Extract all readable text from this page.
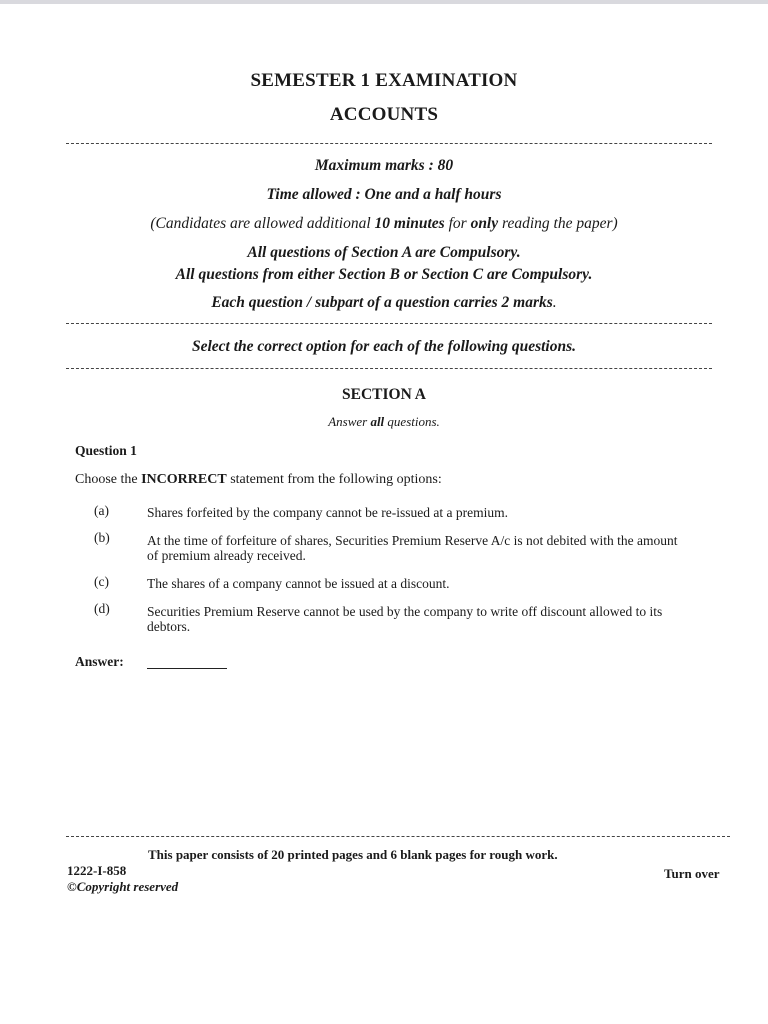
SEMESTER 1 EXAMINATION
ACCOUNTS
Maximum marks : 80
Time allowed : One and a half hours
(Candidates are allowed additional 10 minutes for only reading the paper)
All questions of Section A are Compulsory.
All questions from either Section B or Section C are Compulsory.
Each question / subpart of a question carries 2 marks.
Select the correct option for each of the following questions.
SECTION A
Answer all questions.
Question 1
Choose the INCORRECT statement from the following options:
(a)	Shares forfeited by the company cannot be re-issued at a premium.
(b)	At the time of forfeiture of shares, Securities Premium Reserve A/c is not debited with the amount of premium already received.
(c)	The shares of a company cannot be issued at a discount.
(d)	Securities Premium Reserve cannot be used by the company to write off discount allowed to its debtors.
Answer:
This paper consists of 20 printed pages and 6 blank pages for rough work.
1222-I-858	Turn over
©Copyright reserved
